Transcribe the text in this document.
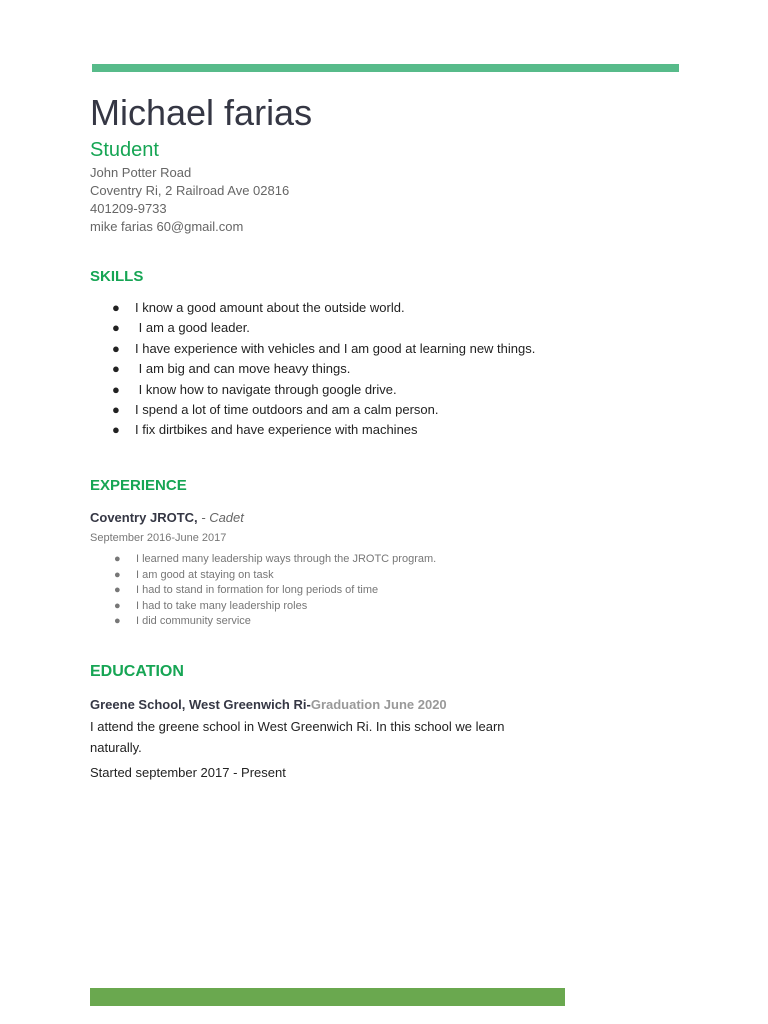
Michael farias
Student
John Potter Road
Coventry Ri, 2 Railroad Ave 02816
401209-9733
mike farias 60@gmail.com
SKILLS
● I know a good amount about the outside world.
● I am a good leader.
● I have experience with vehicles and I am good at learning new things.
● I am big and can move heavy things.
● I know how to navigate through google drive.
● I spend a lot of time outdoors and am a calm person.
● I fix dirtbikes and have experience with machines
EXPERIENCE
Coventry JROTC, - Cadet
September 2016-June 2017
● I learned many leadership ways through the JROTC program.
● I am good at staying on task
● I had to stand in formation for long periods of time
● I had to take many leadership roles
● I did community service
EDUCATION
Greene School, West Greenwich Ri-Graduation June 2020
I attend the greene school in West Greenwich Ri. In this school we learn
naturally.
Started september 2017 - Present
